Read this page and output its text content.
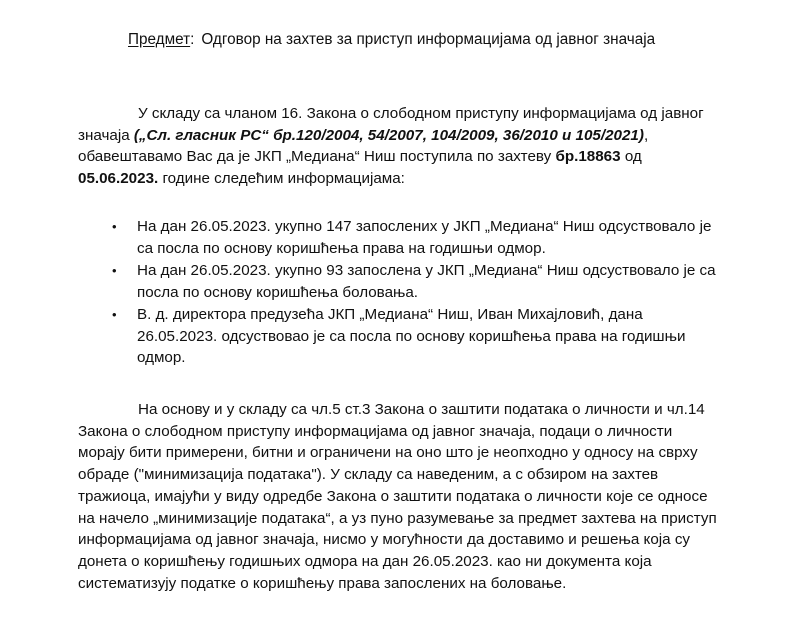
Предмет: Одговор на захтев за приступ информацијама од јавног значаја

У складу са чланом 16. Закона о слободном приступу информацијама од јавног значаја („Сл. гласник РС“ бр.120/2004, 54/2007, 104/2009, 36/2010 и 105/2021), обавештавамо Вас да је ЈКП „Медиана“ Ниш поступила по захтеву бр.18863 од 05.06.2023. године следећим информацијама:

• На дан 26.05.2023. укупно 147 запослених у ЈКП „Медиана“ Ниш одсуствовало је са посла по основу коришћења права на годишњи одмор.
• На дан 26.05.2023. укупно 93 запослена у ЈКП „Медиана“ Ниш одсуствовало је са посла по основу коришћења боловања.
• В. д. директора предузећа ЈКП „Медиана“ Ниш, Иван Михајловић, дана 26.05.2023. одсуствовао је са посла по основу коришћења права на годишњи одмор.

На основу и у складу са чл.5 ст.3 Закона о заштити података о личности и чл.14 Закона о слободном приступу информацијама од јавног значаја, подаци о личности морају бити примерени, битни и ограничени на оно што је неопходно у односу на сврху обраде ("минимизација података"). У складу са наведеним, а с обзиром на захтев тражиоца, имајући у виду одредбе Закона о заштити података о личности које се односе на начело „минимизације података“, а уз пуно разумевање за предмет захтева на приступ информацијама од јавног значаја, нисмо у могућности да доставимо и решења која су донета о коришћењу годишњих одмора на дан 26.05.2023. као ни документа која систематизују податке о коришћењу права запослених на боловање.
